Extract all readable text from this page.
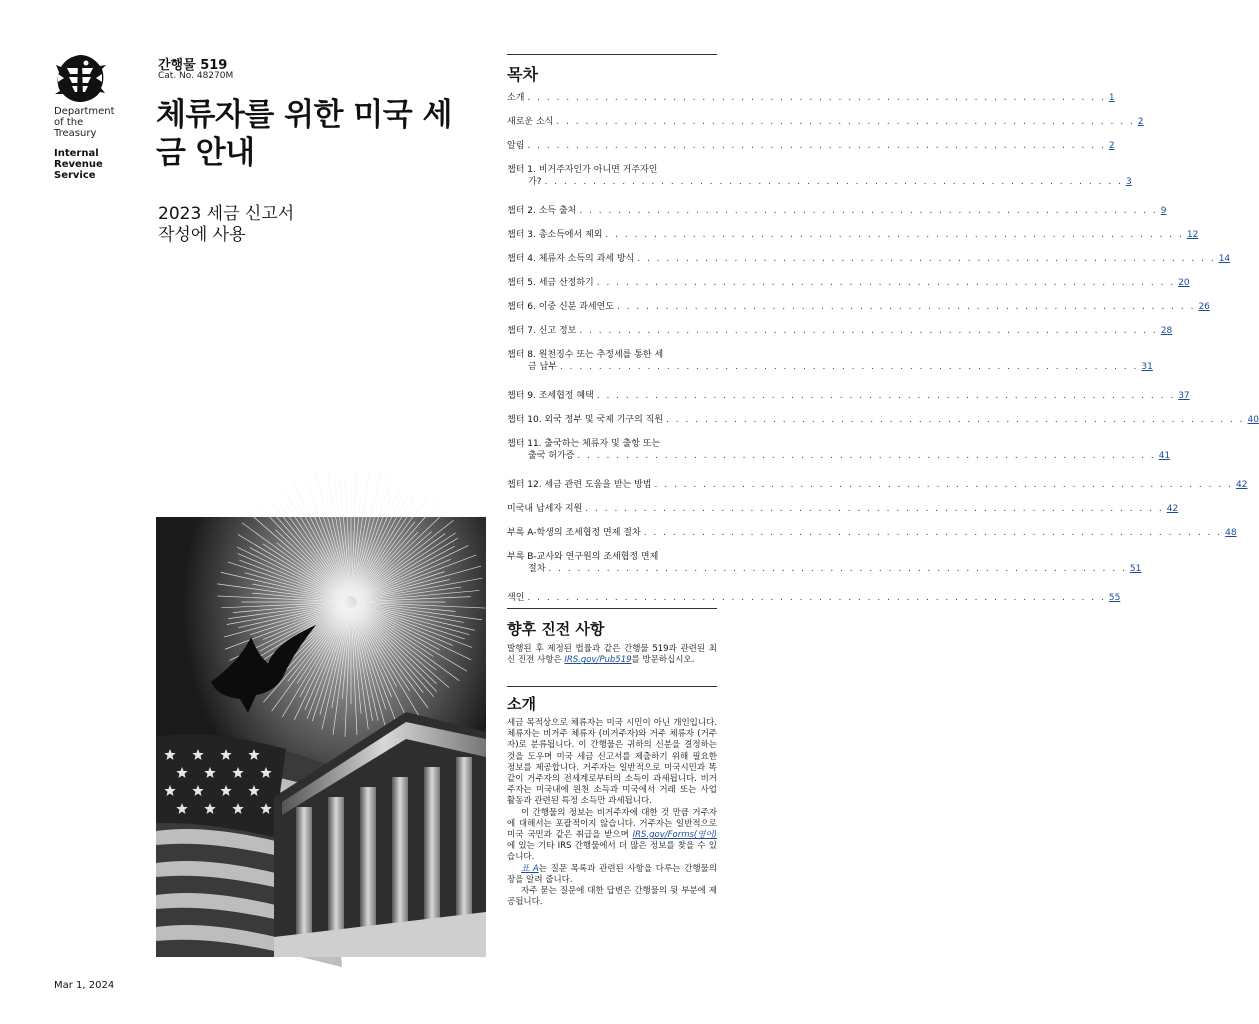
Department
of the
Treasury
Internal
Revenue
Service
간행물 519
Cat. No. 48270M
체류자를 위한 미국 세
금 안내
2023 세금 신고서
작성에 사용
Mar 1, 2024
목차
소개 . . . . . . . . . . . . . . . . . . . . . . . . . . . . . . . . . . . . . . . . . . . . . . . . . . . . . . . . . . . . 1
새로운 소식 . . . . . . . . . . . . . . . . . . . . . . . . . . . . . . . . . . . . . . . . . . . . . . . . . . . . . . . . . . . . 2
알림 . . . . . . . . . . . . . . . . . . . . . . . . . . . . . . . . . . . . . . . . . . . . . . . . . . . . . . . . . . . . 2
챕터 1. 비거주자인가 아니면 거주자인
가? . . . . . . . . . . . . . . . . . . . . . . . . . . . . . . . . . . . . . . . . . . . . . . . . . . . . . . . . . . . . 3
챕터 2. 소득 출처 . . . . . . . . . . . . . . . . . . . . . . . . . . . . . . . . . . . . . . . . . . . . . . . . . . . . . . . . . . . . 9
챕터 3. 총소득에서 제외 . . . . . . . . . . . . . . . . . . . . . . . . . . . . . . . . . . . . . . . . . . . . . . . . . . . . . . . . . . . . 12
챕터 4. 체류자 소득의 과세 방식 . . . . . . . . . . . . . . . . . . . . . . . . . . . . . . . . . . . . . . . . . . . . . . . . . . . . . . . . . . . . 14
챕터 5. 세금 산정하기 . . . . . . . . . . . . . . . . . . . . . . . . . . . . . . . . . . . . . . . . . . . . . . . . . . . . . . . . . . . . 20
챕터 6. 이중 신분 과세연도 . . . . . . . . . . . . . . . . . . . . . . . . . . . . . . . . . . . . . . . . . . . . . . . . . . . . . . . . . . . . 26
챕터 7. 신고 정보 . . . . . . . . . . . . . . . . . . . . . . . . . . . . . . . . . . . . . . . . . . . . . . . . . . . . . . . . . . . . 28
챕터 8. 원천징수 또는 추정세를 통한 세
금 납부 . . . . . . . . . . . . . . . . . . . . . . . . . . . . . . . . . . . . . . . . . . . . . . . . . . . . . . . . . . . . 31
챕터 9. 조세협정 혜택 . . . . . . . . . . . . . . . . . . . . . . . . . . . . . . . . . . . . . . . . . . . . . . . . . . . . . . . . . . . . 37
챕터 10. 외국 정부 및 국제 기구의 직원 . . . . . . . . . . . . . . . . . . . . . . . . . . . . . . . . . . . . . . . . . . . . . . . . . . . . . . . . . . . . 40
챕터 11. 출국하는 체류자 및 출항 또는
출국 허가증 . . . . . . . . . . . . . . . . . . . . . . . . . . . . . . . . . . . . . . . . . . . . . . . . . . . . . . . . . . . . 41
챕터 12. 세금 관련 도움을 받는 방법 . . . . . . . . . . . . . . . . . . . . . . . . . . . . . . . . . . . . . . . . . . . . . . . . . . . . . . . . . . . . 42
미국내 납세자 지원 . . . . . . . . . . . . . . . . . . . . . . . . . . . . . . . . . . . . . . . . . . . . . . . . . . . . . . . . . . . . 42
부록 A-학생의 조세협정 면제 절차 . . . . . . . . . . . . . . . . . . . . . . . . . . . . . . . . . . . . . . . . . . . . . . . . . . . . . . . . . . . . 48
부록 B-교사와 연구원의 조세협정 면제
절차 . . . . . . . . . . . . . . . . . . . . . . . . . . . . . . . . . . . . . . . . . . . . . . . . . . . . . . . . . . . . 51
색인 . . . . . . . . . . . . . . . . . . . . . . . . . . . . . . . . . . . . . . . . . . . . . . . . . . . . . . . . . . . . 55
향후 진전 사항
발행된 후 제정된 법률과 같은 간행물 519과 관련된 최신 진전 사항은 IRS.gov/Pub519를 방문하십시오.
소개
세금 목적상으로 체류자는 미국 시민이 아닌 개인입니다. 체류자는 비거주 체류자 (비거주자)와 거주 체류자 (거주자)로 분류됩니다. 이 간행물은 귀하의 신분을 결정하는 것을 도우며 미국 세금 신고서를 제출하기 위해 필요한 정보를 제공합니다. 거주자는 일반적으로 미국시민과 똑같이 거주자의 전세계로부터의 소득이 과세됩니다. 비거주자는 미국내에 원천 소득과 미국에서 거래 또는 사업 활동과 관련된 특정 소득만 과세됩니다.
이 간행물의 정보는 비거주자에 대한 것 만큼 거주자에 대해서는 포괄적이지 않습니다. 거주자는 일반적으로 미국 국민과 같은 취급을 받으며 IRS.gov/Forms(영어)에 있는 기타 IRS 간행물에서 더 많은 정보를 찾을 수 있습니다.
표 A는 질문 목록과 관련된 사항을 다루는 간행물의 장을 알려 줍니다.
자주 묻는 질문에 대한 답변은 간행물의 뒷 부분에 제공됩니다.
